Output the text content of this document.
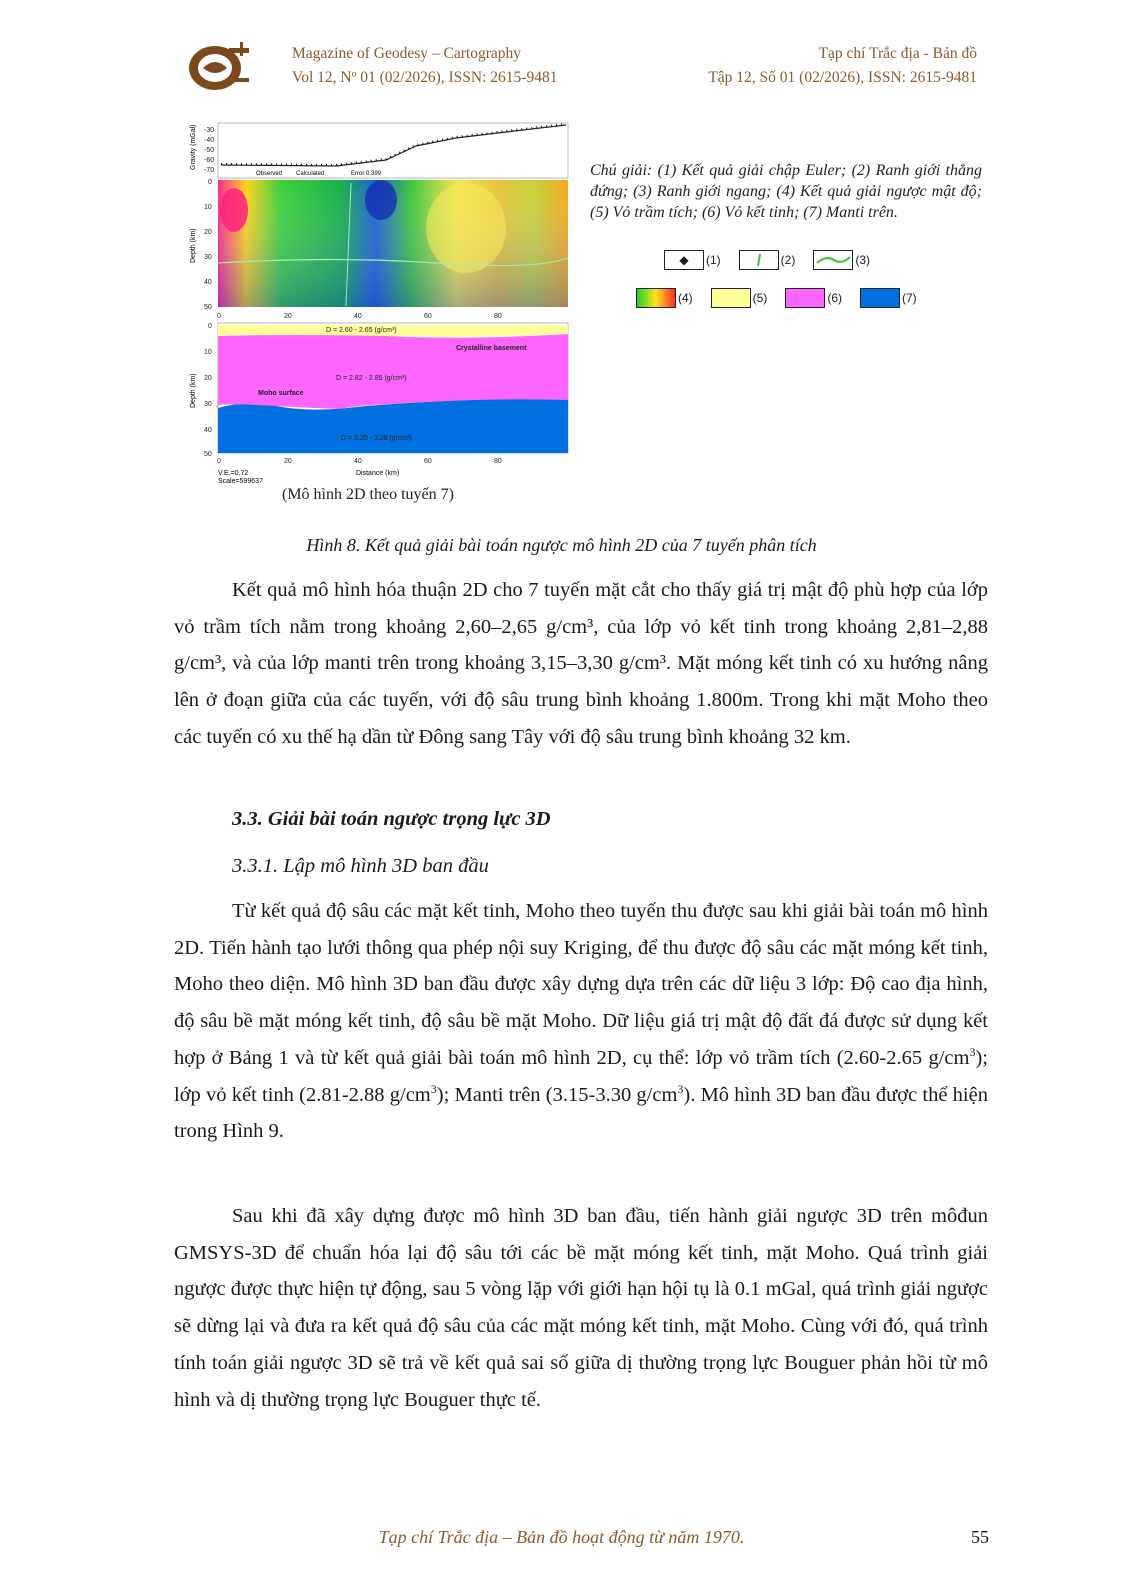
Magazine of Geodesy – Cartography
Vol 12, Nº 01 (02/2026), ISSN: 2615-9481
Tạp chí Trắc địa - Bản đồ
Tập 12, Số 01 (02/2026), ISSN: 2615-9481
-30
-40
-50
-60
-70	Observed Calculated	Error 0.399
Gravity (mGal)
0
10
20
30
40
50
0	20	40	60	80
Depth (km)
D = 2.60 - 2.65 (g/cm³)
D = 2.82 - 2.85 (g/cm³)
D = 3.20 - 3.28 (g/cm³)
Crystalline basement
Moho surface
0
10
20
30
40
50
0	20	40	60	80
Distance (km)
V.E.=0.72
Scale=599637
Depth (km)
(Mô hình 2D theo tuyến 7)
Chú giải: (1) Kết quả giải chập Euler; (2) Ranh giới thẳng đứng; (3) Ranh giới ngang; (4) Kết quả giải ngược mật độ; (5) Vỏ trầm tích; (6) Vỏ kết tinh; (7) Manti trên.
◆	(1)	(2)	(3)
(4)	(5)	(6)	(7)
Hình 8. Kết quả giải bài toán ngược mô hình 2D của 7 tuyến phân tích
Kết quả mô hình hóa thuận 2D cho 7 tuyến mặt cắt cho thấy giá trị mật độ phù hợp của lớp vỏ trầm tích nằm trong khoảng 2,60–2,65 g/cm³, của lớp vỏ kết tinh trong khoảng 2,81–2,88 g/cm³, và của lớp manti trên trong khoảng 3,15–3,30 g/cm³. Mặt móng kết tinh có xu hướng nâng lên ở đoạn giữa của các tuyến, với độ sâu trung bình khoảng 1.800m. Trong khi mặt Moho theo các tuyến có xu thế hạ dần từ Đông sang Tây với độ sâu trung bình khoảng 32 km.
3.3. Giải bài toán ngược trọng lực 3D
3.3.1. Lập mô hình 3D ban đầu
Từ kết quả độ sâu các mặt kết tinh, Moho theo tuyến thu được sau khi giải bài toán mô hình 2D. Tiến hành tạo lưới thông qua phép nội suy Kriging, để thu được độ sâu các mặt móng kết tinh, Moho theo diện. Mô hình 3D ban đầu được xây dựng dựa trên các dữ liệu 3 lớp: Độ cao địa hình, độ sâu bề mặt móng kết tinh, độ sâu bề mặt Moho. Dữ liệu giá trị mật độ đất đá được sử dụng kết hợp ở Bảng 1 và từ kết quả giải bài toán mô hình 2D, cụ thể: lớp vỏ trầm tích (2.60-2.65 $g/cm^3$); lớp vỏ kết tinh (2.81-2.88 $g/cm^3$); Manti trên (3.15-3.30 $g/cm^3$). Mô hình 3D ban đầu được thể hiện trong Hình 9.
Sau khi đã xây dựng được mô hình 3D ban đầu, tiến hành giải ngược 3D trên môđun GMSYS-3D để chuẩn hóa lại độ sâu tới các bề mặt móng kết tinh, mặt Moho. Quá trình giải ngược được thực hiện tự động, sau 5 vòng lặp với giới hạn hội tụ là 0.1 mGal, quá trình giải ngược sẽ dừng lại và đưa ra kết quả độ sâu của các mặt móng kết tinh, mặt Moho. Cùng với đó, quá trình tính toán giải ngược 3D sẽ trả về kết quả sai số giữa dị thường trọng lực Bouguer phản hồi từ mô hình và dị thường trọng lực Bouguer thực tế.
Tạp chí Trắc địa – Bản đồ hoạt động từ năm 1970.	55
